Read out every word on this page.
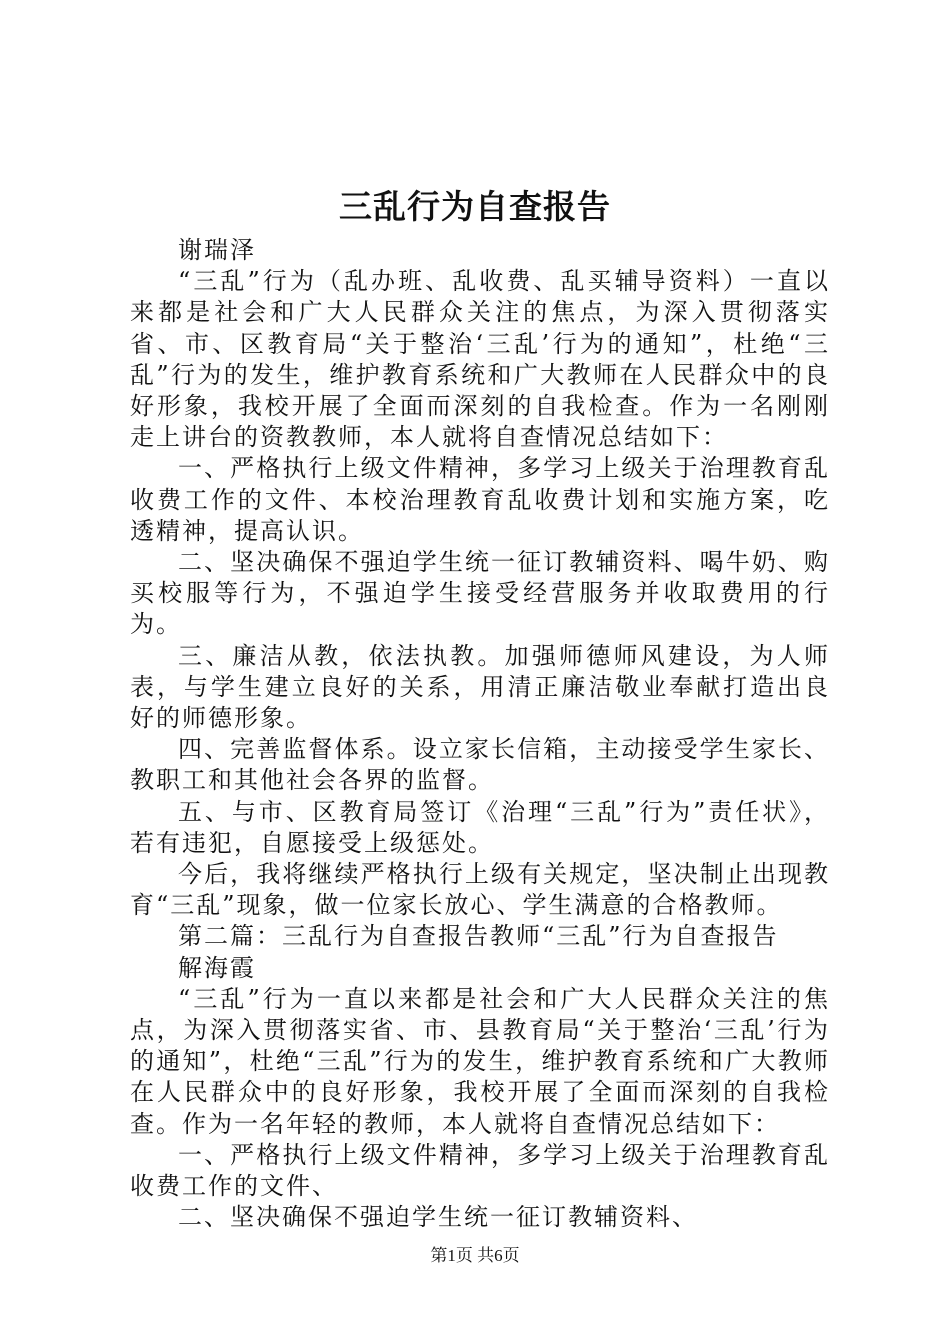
三乱行为自查报告

谢瑞泽

“三乱”行为（乱办班、乱收费、乱买辅导资料）一直以来都是社会和广大人民群众关注的焦点，为深入贯彻落实省、市、区教育局“关于整治‘三乱’行为的通知”，杜绝“三乱”行为的发生，维护教育系统和广大教师在人民群众中的良好形象，我校开展了全面而深刻的自我检查。作为一名刚刚走上讲台的资教教师，本人就将自查情况总结如下：

一、严格执行上级文件精神，多学习上级关于治理教育乱收费工作的文件、本校治理教育乱收费计划和实施方案，吃透精神，提高认识。

二、坚决确保不强迫学生统一征订教辅资料、喝牛奶、购买校服等行为，不强迫学生接受经营服务并收取费用的行为。

三、廉洁从教，依法执教。加强师德师风建设，为人师表，与学生建立良好的关系，用清正廉洁敬业奉献打造出良好的师德形象。

四、完善监督体系。设立家长信箱，主动接受学生家长、教职工和其他社会各界的监督。

五、与市、区教育局签订《治理“三乱”行为”责任状》，若有违犯，自愿接受上级惩处。

今后，我将继续严格执行上级有关规定，坚决制止出现教育“三乱”现象，做一位家长放心、学生满意的合格教师。

第二篇：三乱行为自查报告教师“三乱”行为自查报告

解海霞

“三乱”行为一直以来都是社会和广大人民群众关注的焦点，为深入贯彻落实省、市、县教育局“关于整治‘三乱’行为的通知”，杜绝“三乱”行为的发生，维护教育系统和广大教师在人民群众中的良好形象，我校开展了全面而深刻的自我检查。作为一名年轻的教师，本人就将自查情况总结如下：

一、严格执行上级文件精神，多学习上级关于治理教育乱收费工作的文件、

二、坚决确保不强迫学生统一征订教辅资料、

第1页 共6页
